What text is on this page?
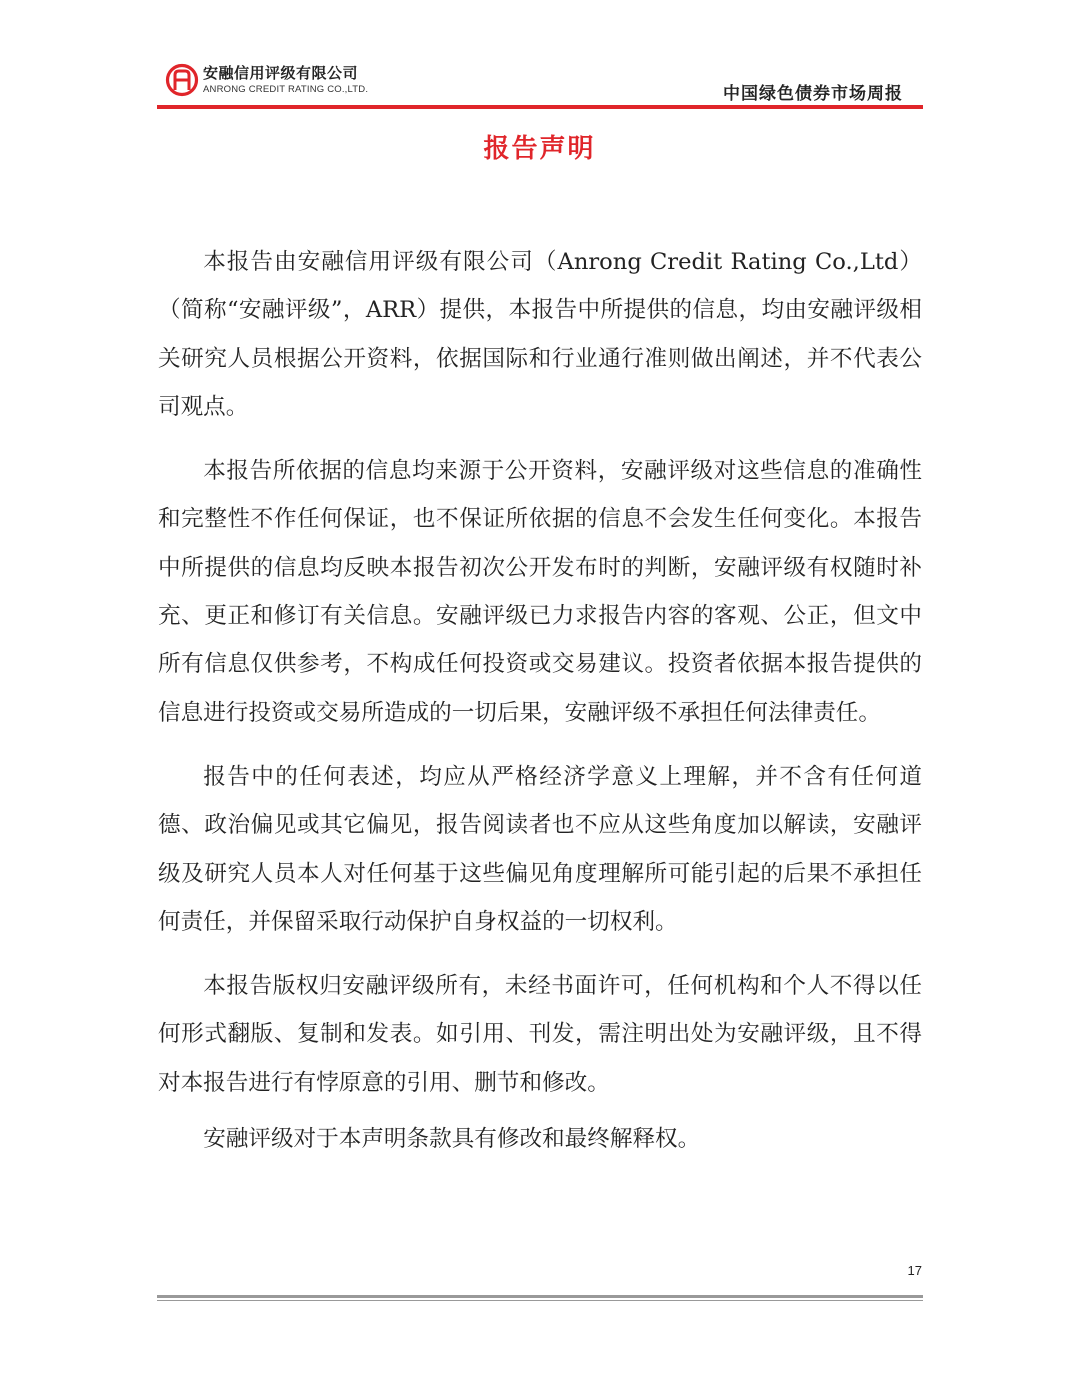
安融信用评级有限公司
ANRONG CREDIT RATING CO.,LTD.	中国绿色债券市场周报
报告声明

本报告由安融信用评级有限公司（Anrong Credit Rating Co.,Ltd）（简称“安融评级”，ARR）提供，本报告中所提供的信息，均由安融评级相关研究人员根据公开资料，依据国际和行业通行准则做出阐述，并不代表公司观点。

本报告所依据的信息均来源于公开资料，安融评级对这些信息的准确性和完整性不作任何保证，也不保证所依据的信息不会发生任何变化。本报告中所提供的信息均反映本报告初次公开发布时的判断，安融评级有权随时补充、更正和修订有关信息。安融评级已力求报告内容的客观、公正，但文中所有信息仅供参考，不构成任何投资或交易建议。投资者依据本报告提供的信息进行投资或交易所造成的一切后果，安融评级不承担任何法律责任。

报告中的任何表述，均应从严格经济学意义上理解，并不含有任何道德、政治偏见或其它偏见，报告阅读者也不应从这些角度加以解读，安融评级及研究人员本人对任何基于这些偏见角度理解所可能引起的后果不承担任何责任，并保留采取行动保护自身权益的一切权利。

本报告版权归安融评级所有，未经书面许可，任何机构和个人不得以任何形式翻版、复制和发表。如引用、刊发，需注明出处为安融评级，且不得对本报告进行有悖原意的引用、删节和修改。

安融评级对于本声明条款具有修改和最终解释权。

17
